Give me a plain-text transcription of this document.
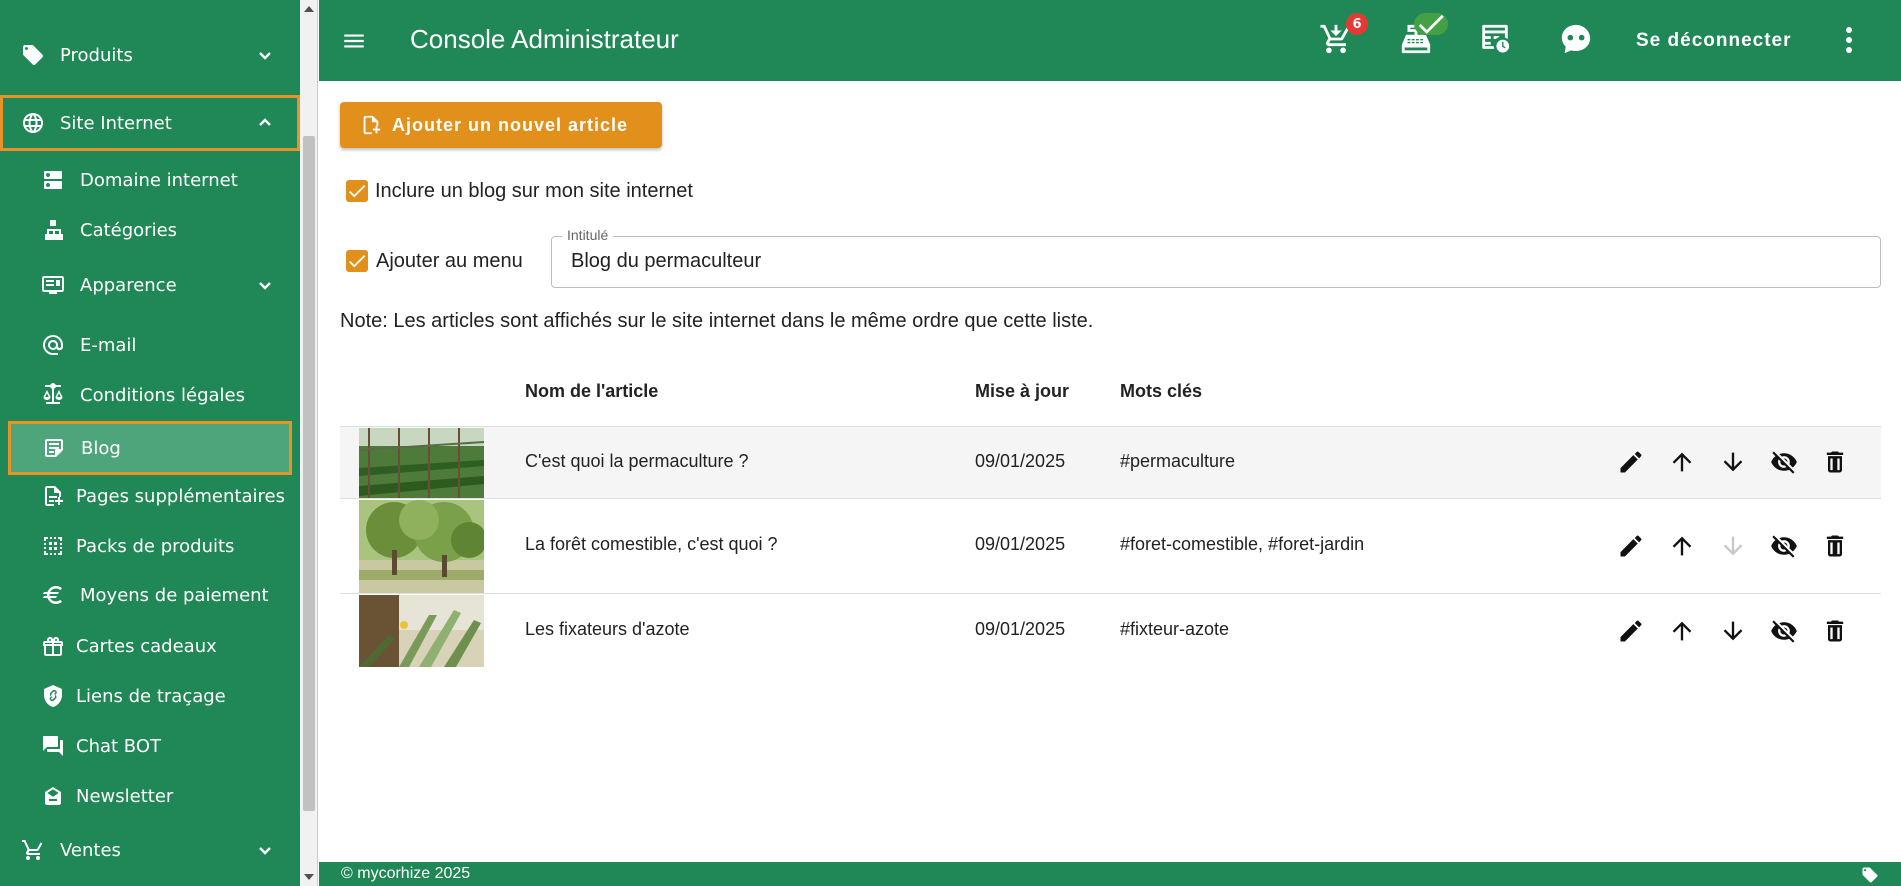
Produits
Site Internet
Domaine internet
Catégories
Apparence
E-mail
Conditions légales
Blog
Pages supplémentaires
Packs de produits
Moyens de paiement
Cartes cadeaux
Liens de traçage
Chat BOT
Newsletter
Ventes
Console Administrateur	6
Se déconnecter
Ajouter un nouvel article
Inclure un blog sur mon site internet
Ajouter au menu
Intitulé
Blog du permaculteur
Note: Les articles sont affichés sur le site internet dans le même ordre que cette liste.
Nom de l'article	Mise à jour	Mots clés
C'est quoi la permaculture ?	09/01/2025	#permaculture
La forêt comestible, c'est quoi ?	09/01/2025	#foret-comestible, #foret-jardin
Les fixateurs d'azote	09/01/2025	#fixteur-azote
© mycorhize 2025
